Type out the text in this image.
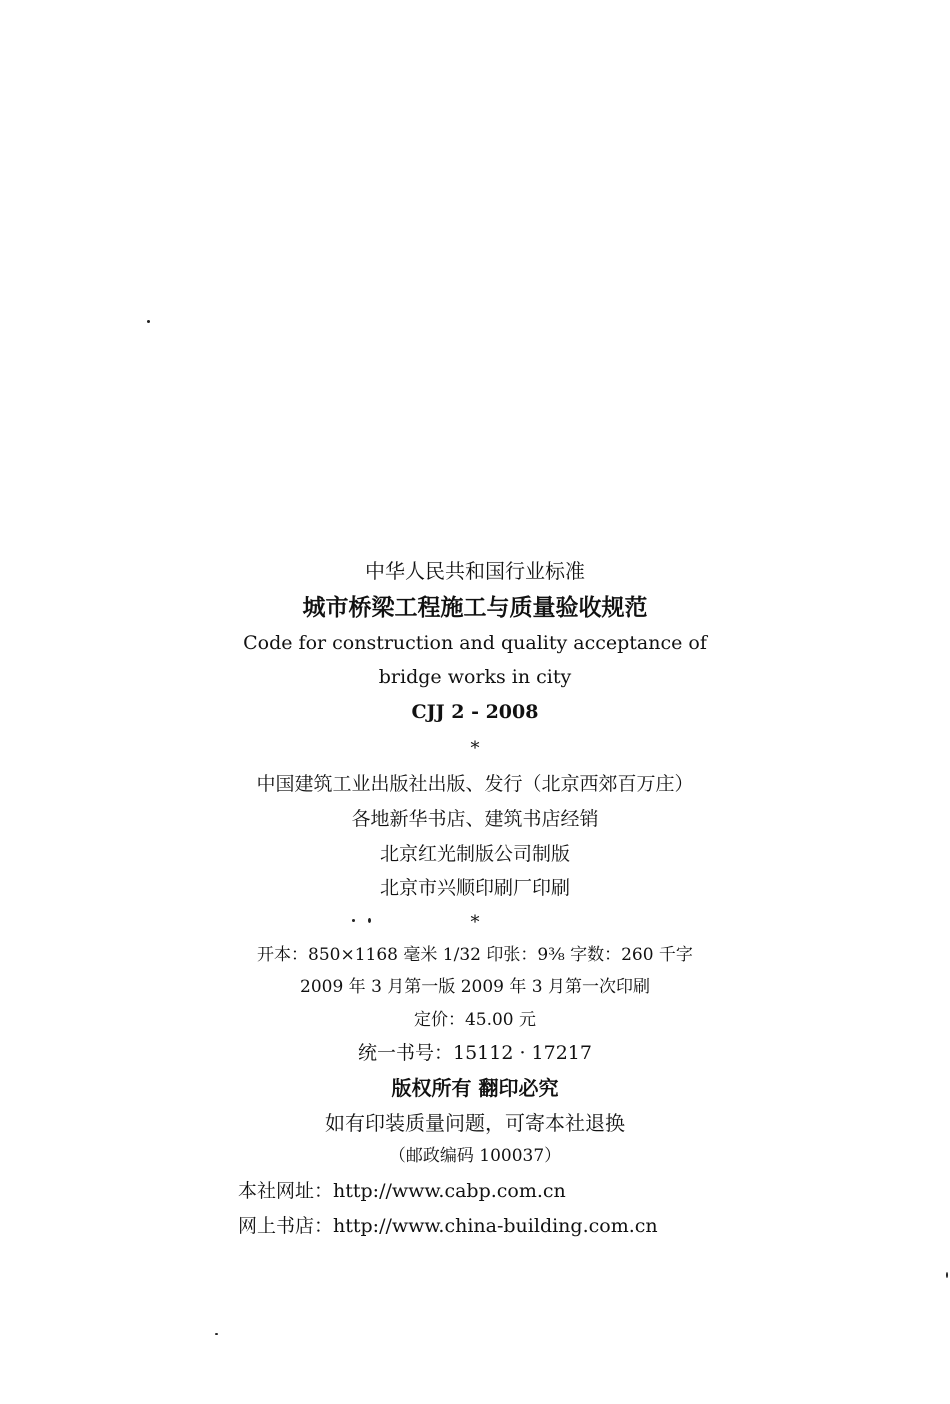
中华人民共和国行业标准
城市桥梁工程施工与质量验收规范
Code for construction and quality acceptance of
bridge works in city
CJJ 2 - 2008
*
中国建筑工业出版社出版、发行（北京西郊百万庄）
各地新华书店、建筑书店经销
北京红光制版公司制版
北京市兴顺印刷厂印刷
*
开本：850×1168 毫米 1/32 印张：9⅜ 字数：260 千字
2009 年 3 月第一版 2009 年 3 月第一次印刷
定价：45.00 元
统一书号：15112 · 17217
版权所有 翻印必究
如有印装质量问题，可寄本社退换
（邮政编码 100037）
本社网址：http://www.cabp.com.cn
网上书店：http://www.china-building.com.cn
